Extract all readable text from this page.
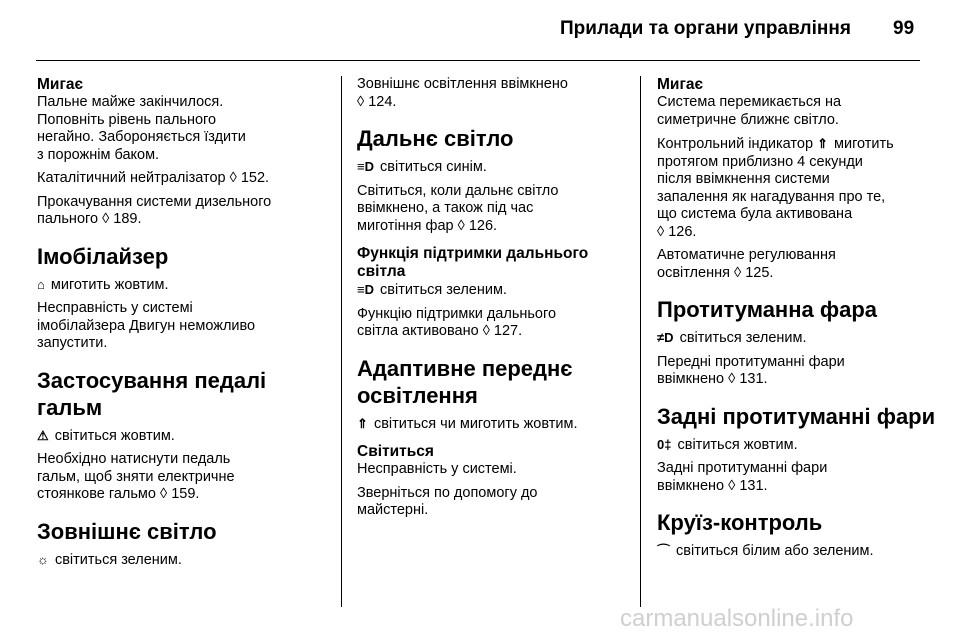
Прилади та органи управління 99
Мигає

Пальне майже закінчилося.
Поповніть рівень пального
негайно. Забороняється їздити
з порожнім баком.

Каталітичний нейтралізатор ◊ 152.

Прокачування системи дизельного
пального ◊ 189.

Імобілайзер

⌂ миготить жовтим.

Несправність у системі
імобілайзера Двигун неможливо
запустити.

Застосування педалі
гальм

⚠ світиться жовтим.

Необхідно натиснути педаль
гальм, щоб зняти електричне
стоянкове гальмо ◊ 159.

Зовнішнє світло

☼ світиться зеленим.

Зовнішнє освітлення ввімкнено
◊ 124.

Дальнє світло

≡D світиться синім.

Світиться, коли дальнє світло
ввімкнено, а також під час
миготіння фар ◊ 126.

Функція підтримки дальнього
світла

≡D світиться зеленим.

Функцію підтримки дальнього
світла активовано ◊ 127.

Адаптивне переднє
освітлення

⇑ світиться чи миготить жовтим.

Світиться

Несправність у системі.

Зверніться по допомогу до
майстерні.

Мигає

Система перемикається на
симетричне ближнє світло.

Контрольний індикатор ⇑ миготить
протягом приблизно 4 секунди
після ввімкнення системи
запалення як нагадування про те,
що система була активована
◊ 126.

Автоматичне регулювання
освітлення ◊ 125.

Протитуманна фара

≠D світиться зеленим.

Передні протитуманні фари
ввімкнено ◊ 131.

Задні протитуманні фари

0‡ світиться жовтим.

Задні протитуманні фари
ввімкнено ◊ 131.

Круїз-контроль

⌒ світиться білим або зеленим.

carmanualsonline.info
